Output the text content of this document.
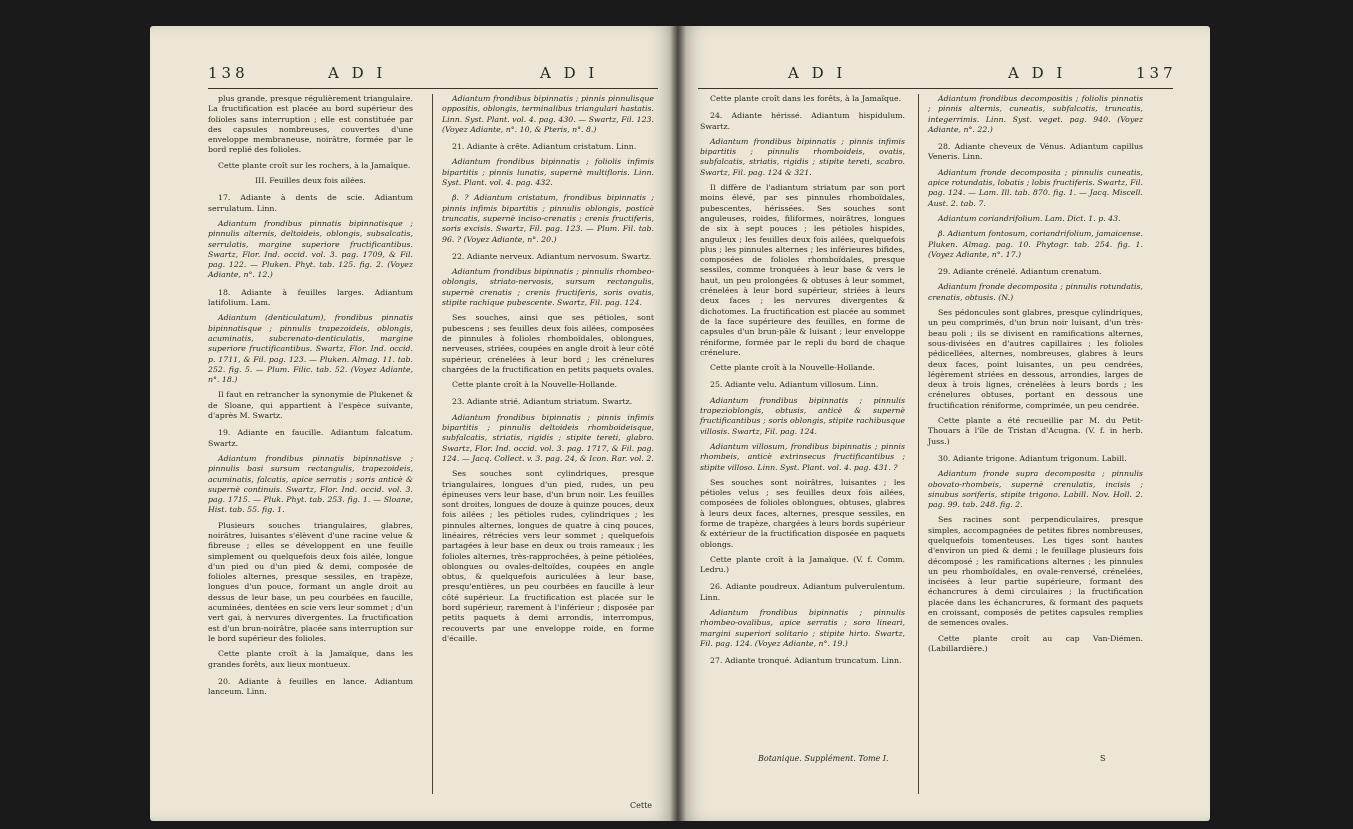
138	A D I	A D I

plus grande, presque régulièrement triangulaire. La fructification est placée au bord supérieur des folioles sans interruption ; elle est constituée par des capsules nombreuses, couvertes d'une enveloppe membraneuse, noirâtre, formée par le bord replié des folioles.

Cette plante croît sur les rochers, à la Jamaïque.

III. Feuilles deux fois ailées.

17. Adiante à dents de scie. Adiantum serrulatum. Linn.

Adiantum frondibus pinnatis bipinnatisque ; pinnulis alternis, deltoideis, oblongis, subsalcatis, serrulatis, margine superiore fructificantibus. Swartz, Flor. Ind. occid. vol. 3. pag. 1709, & Fil. pag. 122. — Pluken. Phyt. tab. 125. fig. 2. (Voyez Adiante, n°. 12.)

18. Adiante à feuilles larges. Adiantum latifolium. Lam.

Adiantum (denticulatum), frondibus pinnatis bipinnatisque ; pinnulis trapezoideis, oblongis, acuminatis, subcrenato-denticulatis, margine superiore fructificantibus. Swartz, Flor. Ind. occid. p. 1711, & Fil. pag. 123. — Pluken. Almag. 11. tab. 252. fig. 5. — Plum. Filic. tab. 52. (Voyez Adiante, n°. 18.)

Il faut en retrancher la synonymie de Plukenet & de Sloane, qui appartient à l'espèce suivante, d'après M. Swartz.

19. Adiante en faucille. Adiantum falcatum. Swartz.

Adiantum frondibus pinnatis bipinnatisve ; pinnulis basi sursum rectangulis, trapezoideis, acuminatis, falcatis, apice serratis ; soris anticè & supernè continuis. Swartz, Flor. Ind. occid. vol. 3. pag. 1715. — Pluk. Phyt. tab. 253. fig. 1. — Sloane, Hist. tab. 55. fig. 1.

Plusieurs souches triangulaires, glabres, noirâtres, luisantes s'élèvent d'une racine velue & fibreuse ; elles se développent en une feuille simplement ou quelquefois deux fois ailée, longue d'un pied ou d'un pied & demi, composée de folioles alternes, presque sessiles, en trapèze, longues d'un pouce, formant un angle droit au dessus de leur base, un peu courbées en faucille, acuminées, dentées en scie vers leur sommet ; d'un vert gai, à nervures divergentes. La fructification est d'un brun-noirâtre, placée sans interruption sur le bord supérieur des folioles.

Cette plante croît à la Jamaïque, dans les grandes forêts, aux lieux montueux.

20. Adiante à feuilles en lance. Adiantum lanceum. Linn.

Adiantum frondibus bipinnatis ; pinnis pinnulisque oppositis, oblongis, terminalibus triangulari hastatis. Linn. Syst. Plant. vol. 4. pag. 430. — Swartz, Fil. 123. (Voyez Adiante, n°. 10, & Pteris, n°. 8.)

21. Adiante à crête. Adiantum cristatum. Linn.

Adiantum frondibus bipinnatis ; foliolis infimis bipartitis ; pinnis lunatis, supernè multifloris. Linn. Syst. Plant. vol. 4. pag. 432.

β. ? Adiantum cristatum, frondibus bipinnatis ; pinnis infimis bipartitis ; pinnulis oblongis, posticè truncatis, supernè inciso-crenatis ; crenis fructiferis, soris excisis. Swartz, Fil. pag. 123. — Plum. Fil. tab. 96. ? (Voyez Adiante, n°. 20.)

22. Adiante nerveux. Adiantum nervosum. Swartz.

Adiantum frondibus bipinnatis ; pinnulis rhombeo-oblongis, striato-nervosis, sursum rectangulis, supernè crenatis ; crenis fructiferis, soris ovatis, stipite rachique pubescente. Swartz, Fil. pag. 124.

Ses souches, ainsi que ses pétioles, sont pubescens ; ses feuilles deux fois ailées, composées de pinnules à folioles rhomboïdales, oblongues, nerveuses, striées, coupées en angle droit à leur côté supérieur, crénelées à leur bord ; les crénelures chargées de la fructification en petits paquets ovales.

Cette plante croît à la Nouvelle-Hollande.

23. Adiante strié. Adiantum striatum. Swartz.

Adiantum frondibus bipinnatis ; pinnis infimis bipartitis ; pinnulis deltoideis rhomboideisque, subfalcatis, striatis, rigidis ; stipite tereti, glabro. Swartz, Flor. Ind. occid. vol. 3. pag. 1717, & Fil. pag. 124. — Jacq. Collect. v. 3. pag. 24, & Icon. Rar. vol. 2.

Ses souches sont cylindriques, presque triangulaires, longues d'un pied, rudes, un peu épineuses vers leur base, d'un brun noir. Les feuilles sont droites, longues de douze à quinze pouces, deux fois ailées ; les pétioles rudes, cylindriques ; les pinnules alternes, longues de quatre à cinq pouces, linéaires, rétrécies vers leur sommet ; quelquefois partagées à leur base en deux ou trois rameaux ; les folioles alternes, très-rapprochées, à peine pétiolées, oblongues ou ovales-deltoïdes, coupées en angle obtus, & quelquefois auriculées à leur base, presqu'entières, un peu courbées en faucille à leur côté supérieur. La fructification est placée sur le bord supérieur, rarement à l'inférieur ; disposée par petits paquets à demi arrondis, interrompus, recouverts par une enveloppe roide, en forme d'écaille.

Cette
A D I	A D I	137

Cette plante croît dans les forêts, à la Jamaïque.

24. Adiante hérissé. Adiantum hispidulum. Swartz.

Adiantum frondibus bipinnatis ; pinnis infimis bipartitis ; pinnulis rhomboideis, ovatis, subfalcatis, striatis, rigidis ; stipite tereti, scabro. Swartz, Fil. pag. 124 & 321.

Il diffère de l'adiantum striatum par son port moins élevé, par ses pinnules rhomboïdales, pubescentes, hérissées. Ses souches sont anguleuses, roides, filiformes, noirâtres, longues de six à sept pouces ; les pétioles hispides, anguleux ; les feuilles deux fois ailées, quelquefois plus ; les pinnules alternes ; les inférieures bifides, composées de folioles rhomboïdales, presque sessiles, comme tronquées à leur base & vers le haut, un peu prolongées & obtuses à leur sommet, crénelées à leur bord supérieur, striées à leurs deux faces ; les nervures divergentes & dichotomes. La fructification est placée au sommet de la face supérieure des feuilles, en forme de capsules d'un brun-pâle & luisant ; leur enveloppe réniforme, formée par le repli du bord de chaque crénelure.

Cette plante croît à la Nouvelle-Hollande.

25. Adiante velu. Adiantum villosum. Linn.

Adiantum frondibus bipinnatis ; pinnulis trapezioblongis, obtusis, anticè & supernè fructificantibus ; soris oblongis, stipite rachibusque villosis. Swartz, Fil. pag. 124.

Adiantum villosum, frondibus bipinnatis ; pinnis rhombeis, anticè extrinsecus fructificantibus ; stipite villoso. Linn. Syst. Plant. vol. 4. pag. 431. ?

Ses souches sont noirâtres, luisantes ; les pétioles velus ; ses feuilles deux fois ailées, composées de folioles oblongues, obtuses, glabres à leurs deux faces, alternes, presque sessiles, en forme de trapèze, chargées à leurs bords supérieur & extérieur de la fructification disposée en paquets oblongs.

Cette plante croît à la Jamaïque. (V. f. Comm. Ledru.)

26. Adiante poudreux. Adiantum pulverulentum. Linn.

Adiantum frondibus bipinnatis ; pinnulis rhombeo-ovalibus, apice serratis ; soro lineari, margini superiori solitario ; stipite hirto. Swartz, Fil. pag. 124. (Voyez Adiante, n°. 19.)

27. Adiante tronqué. Adiantum truncatum. Linn.

Adiantum frondibus decompositis ; foliolis pinnatis ; pinnis alternis, cuneatis, subfalcatis, truncatis, integerrimis. Linn. Syst. veget. pag. 940. (Voyez Adiante, n°. 22.)

28. Adiante cheveux de Vénus. Adiantum capillus Veneris. Linn.

Adiantum fronde decomposita ; pinnulis cuneatis, apice rotundatis, lobatis ; lobis fructiferis. Swartz, Fil. pag. 124. — Lam. Ill. tab. 870. fig. 1. — Jacq. Miscell. Aust. 2. tab. 7.

Adiantum coriandrifolium. Lam. Dict. 1. p. 43.

β. Adiantum fontosum, coriandrifolium, jamaicense. Pluken. Almag. pag. 10. Phytogr. tab. 254. fig. 1. (Voyez Adiante, n°. 17.)

29. Adiante crénelé. Adiantum crenatum.

Adiantum fronde decomposita ; pinnulis rotundatis, crenatis, obtusis. (N.)

Ses pédoncules sont glabres, presque cylindriques, un peu comprimés, d'un brun noir luisant, d'un très-beau poli ; ils se divisent en ramifications alternes, sous-divisées en d'autres capillaires ; les folioles pédicellées, alternes, nombreuses, glabres à leurs deux faces, point luisantes, un peu cendrées, légèrement striées en dessous, arrondies, larges de deux à trois lignes, crénelées à leurs bords ; les crénelures obtuses, portant en dessous une fructification réniforme, comprimée, un peu cendrée.

Cette plante a été recueillie par M. du Petit-Thouars à l'île de Tristan d'Acugna. (V. f. in herb. Juss.)

30. Adiante trigone. Adiantum trigonum. Labill.

Adiantum fronde supra decomposita ; pinnulis obovato-rhombeis, supernè crenulatis, incisis ; sinubus soriferis, stipite trigono. Labill. Nov. Holl. 2. pag. 99. tab. 248. fig. 2.

Ses racines sont perpendiculaires, presque simples, accompagnées de petites fibres nombreuses, quelquefois tomenteuses. Les tiges sont hautes d'environ un pied & demi ; le feuillage plusieurs fois décomposé ; les ramifications alternes ; les pinnules un peu rhomboïdales, en ovale-renversé, crénelées, incisées à leur partie supérieure, formant des échancrures à demi circulaires ; la fructification placée dans les échancrures, & formant des paquets en croissant, composés de petites capsules remplies de semences ovales.

Cette plante croît au cap Van-Diémen. (Labillardière.)

Botanique. Supplément. Tome I.	S
